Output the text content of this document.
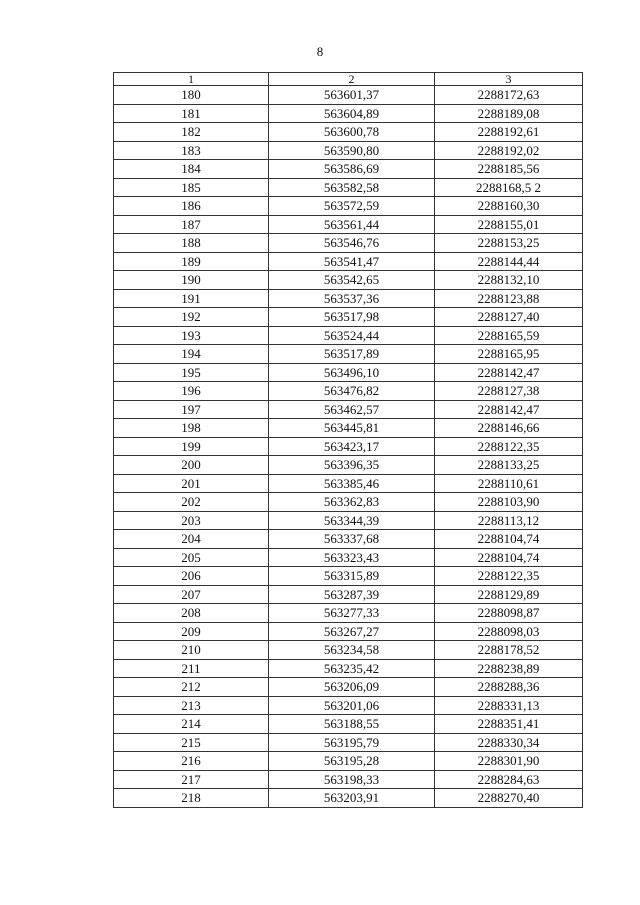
8
1	2	3
180	563601,37	2288172,63
181	563604,89	2288189,08
182	563600,78	2288192,61
183	563590,80	2288192,02
184	563586,69	2288185,56
185	563582,58	2288168,5 2
186	563572,59	2288160,30
187	563561,44	2288155,01
188	563546,76	2288153,25
189	563541,47	2288144,44
190	563542,65	2288132,10
191	563537,36	2288123,88
192	563517,98	2288127,40
193	563524,44	2288165,59
194	563517,89	2288165,95
195	563496,10	2288142,47
196	563476,82	2288127,38
197	563462,57	2288142,47
198	563445,81	2288146,66
199	563423,17	2288122,35
200	563396,35	2288133,25
201	563385,46	2288110,61
202	563362,83	2288103,90
203	563344,39	2288113,12
204	563337,68	2288104,74
205	563323,43	2288104,74
206	563315,89	2288122,35
207	563287,39	2288129,89
208	563277,33	2288098,87
209	563267,27	2288098,03
210	563234,58	2288178,52
211	563235,42	2288238,89
212	563206,09	2288288,36
213	563201,06	2288331,13
214	563188,55	2288351,41
215	563195,79	2288330,34
216	563195,28	2288301,90
217	563198,33	2288284,63
218	563203,91	2288270,40
